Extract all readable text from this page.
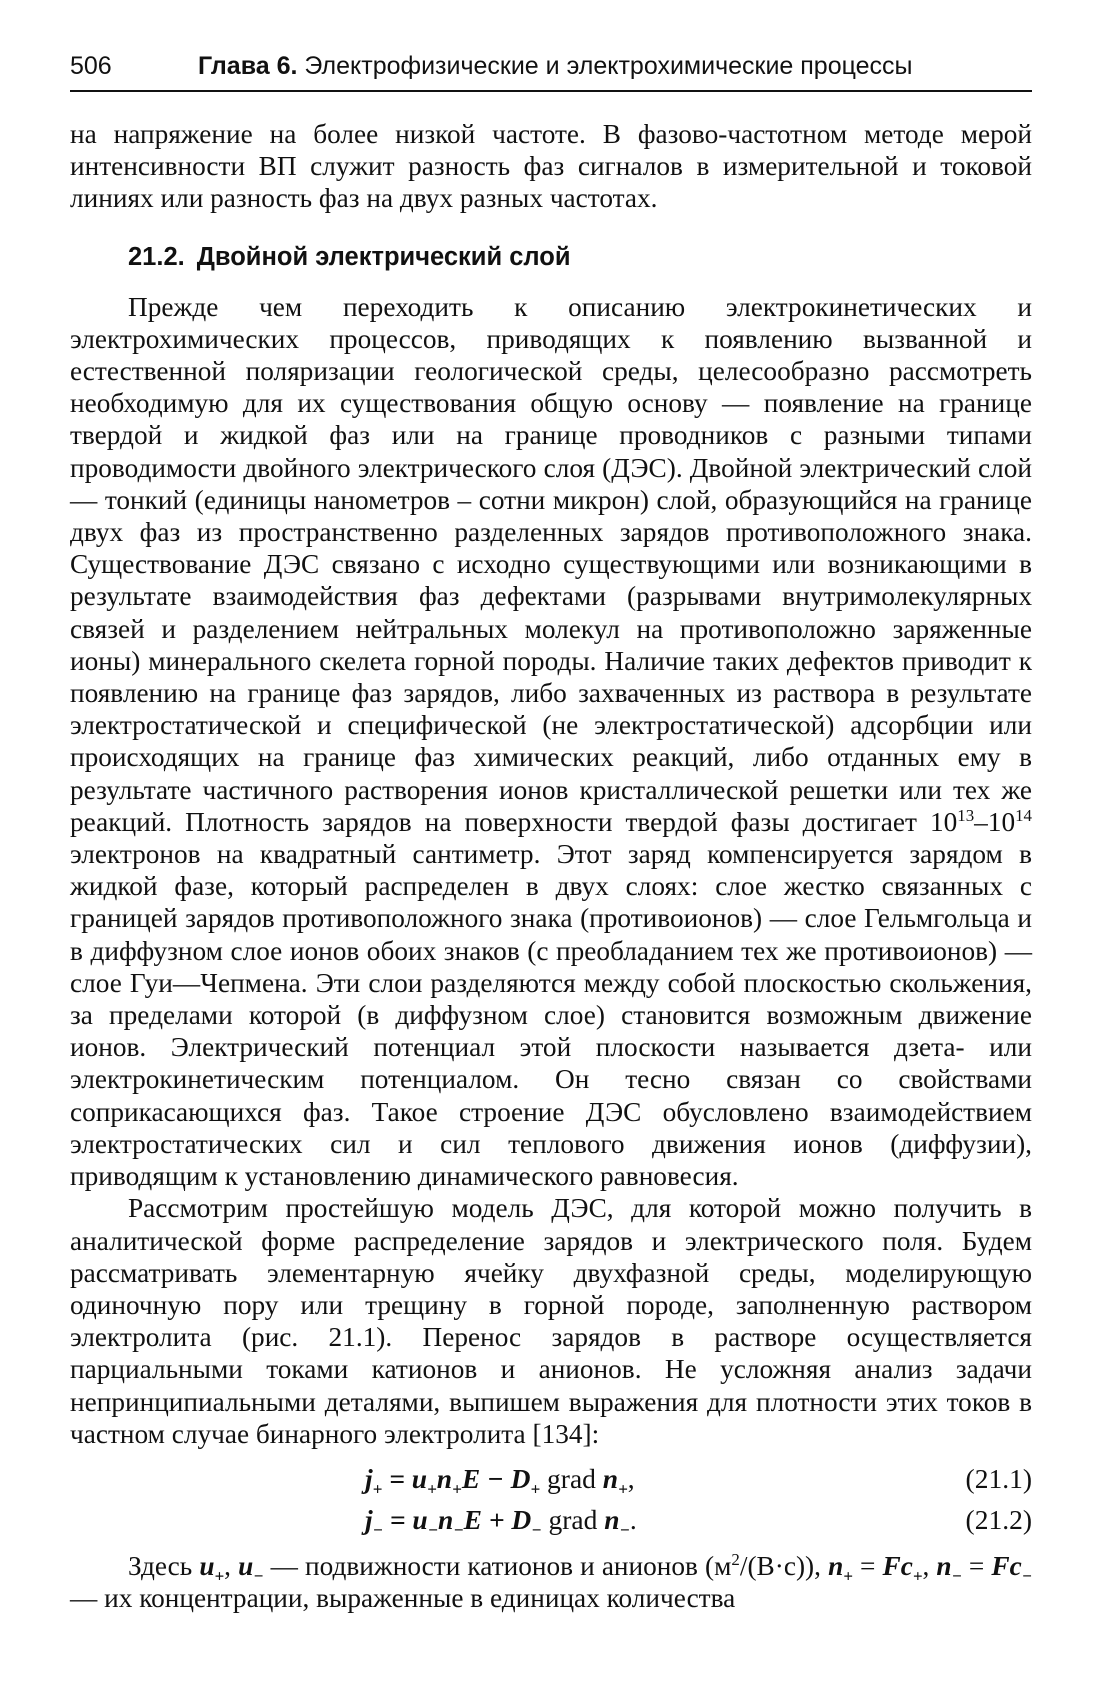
506	Глава 6. Электрофизические и электрохимические процессы

на напряжение на более низкой частоте. В фазово-частотном методе мерой интенсивности ВП служит разность фаз сигналов в измерительной и токовой линиях или разность фаз на двух разных частотах.

21.2. Двойной электрический слой

Прежде чем переходить к описанию электрокинетических и электрохимических процессов, приводящих к появлению вызванной и естественной поляризации геологической среды, целесообразно рассмотреть необходимую для их существования общую основу — появление на границе твердой и жидкой фаз или на границе проводников с разными типами проводимости двойного электрического слоя (ДЭС). Двойной электрический слой — тонкий (единицы нанометров – сотни микрон) слой, образующийся на границе двух фаз из пространственно разделенных зарядов противоположного знака. Существование ДЭС связано с исходно существующими или возникающими в результате взаимодействия фаз дефектами (разрывами внутримолекулярных связей и разделением нейтральных молекул на противоположно заряженные ионы) минерального скелета горной породы. Наличие таких дефектов приводит к появлению на границе фаз зарядов, либо захваченных из раствора в результате электростатической и специфической (не электростатической) адсорбции или происходящих на границе фаз химических реакций, либо отданных ему в результате частичного растворения ионов кристаллической решетки или тех же реакций. Плотность зарядов на поверхности твердой фазы достигает $10^{13}-10^{14}$ электронов на квадратный сантиметр. Этот заряд компенсируется зарядом в жидкой фазе, который распределен в двух слоях: слое жестко связанных с границей зарядов противоположного знака (противоионов) — слое Гельмгольца и в диффузном слое ионов обоих знаков (с преобладанием тех же противоионов) — слое Гуи—Чепмена. Эти слои разделяются между собой плоскостью скольжения, за пределами которой (в диффузном слое) становится возможным движение ионов. Электрический потенциал этой плоскости называется дзета- или электрокинетическим потенциалом. Он тесно связан со свойствами соприкасающихся фаз. Такое строение ДЭС обусловлено взаимодействием электростатических сил и сил теплового движения ионов (диффузии), приводящим к установлению динамического равновесия.

Рассмотрим простейшую модель ДЭС, для которой можно получить в аналитической форме распределение зарядов и электрического поля. Будем рассматривать элементарную ячейку двухфазной среды, моделирующую одиночную пору или трещину в горной породе, заполненную раствором электролита (рис. 21.1). Перенос зарядов в растворе осуществляется парциальными токами катионов и анионов. Не усложняя анализ задачи непринципиальными деталями, выпишем выражения для плотности этих токов в частном случае бинарного электролита [134]:

$j_+ = u_+n_+E - D_+$ grad $n_+$,	(21.1)
$j_- = u_-n_-E + D_-$ grad $n_-$.	(21.2)

Здесь $u_+$, $u_-$ — подвижности катионов и анионов $(м^2/(В\cdot с))$, $n_+ = Fc_+$, $n_- = Fc_-$ — их концентрации, выраженные в единицах количества
